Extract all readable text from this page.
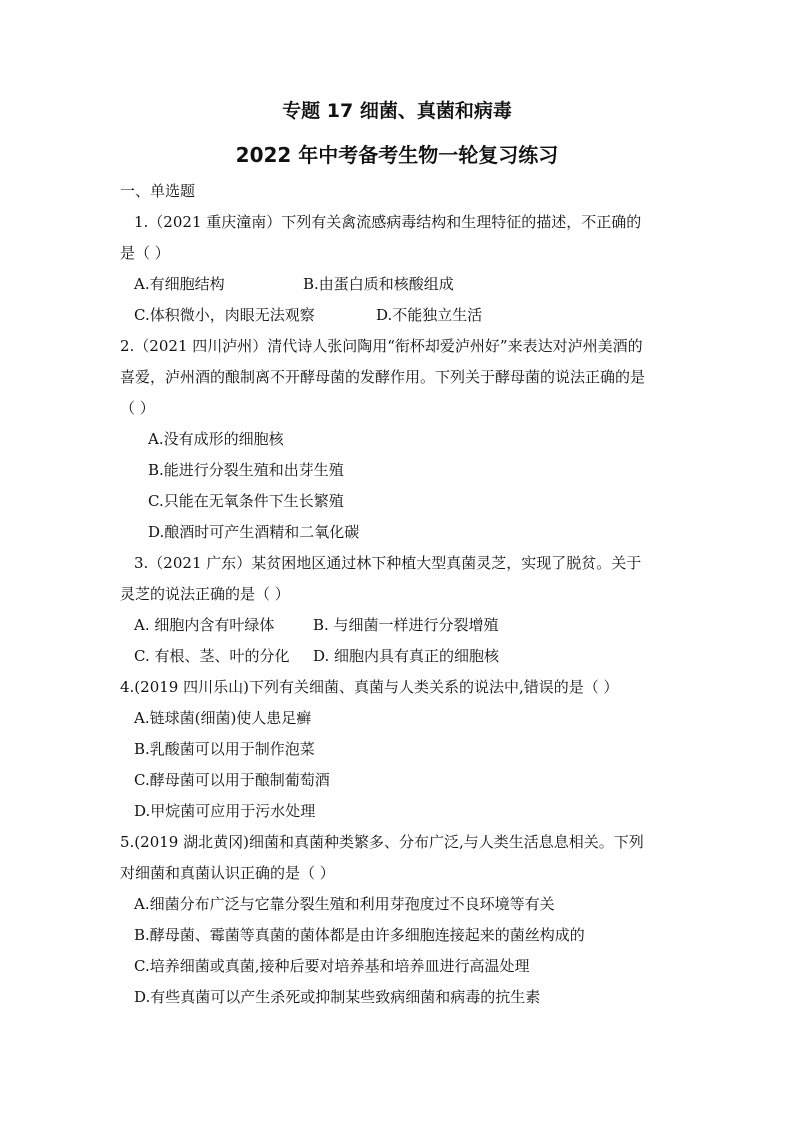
专题 17 细菌、真菌和病毒
2022 年中考备考生物一轮复习练习
一、单选题
1.（2021 重庆潼南）下列有关禽流感病毒结构和生理特征的描述，不正确的
是（ ）
A.有细胞结构	B.由蛋白质和核酸组成
C.体积微小，肉眼无法观察	D.不能独立生活
2.（2021 四川泸州）清代诗人张问陶用“衔杯却爱泸州好”来表达对泸州美酒的
喜爱，泸州酒的酿制离不开酵母菌的发酵作用。下列关于酵母菌的说法正确的是
（ ）
A.没有成形的细胞核
B.能进行分裂生殖和出芽生殖
C.只能在无氧条件下生长繁殖
D.酿酒时可产生酒精和二氧化碳
3.（2021 广东）某贫困地区通过林下种植大型真菌灵芝，实现了脱贫。关于
灵芝的说法正确的是（ ）
A. 细胞内含有叶绿体	B. 与细菌一样进行分裂增殖
C. 有根、茎、叶的分化 D. 细胞内具有真正的细胞核
4.(2019 四川乐山)下列有关细菌、真菌与人类关系的说法中,错误的是（ ）
A.链球菌(细菌)使人患足癣
B.乳酸菌可以用于制作泡菜
C.酵母菌可以用于酿制葡萄酒
D.甲烷菌可应用于污水处理
5.(2019 湖北黄冈)细菌和真菌种类繁多、分布广泛,与人类生活息息相关。下列
对细菌和真菌认识正确的是（ ）
A.细菌分布广泛与它靠分裂生殖和利用芽孢度过不良环境等有关
B.酵母菌、霉菌等真菌的菌体都是由许多细胞连接起来的菌丝构成的
C.培养细菌或真菌,接种后要对培养基和培养皿进行高温处理
D.有些真菌可以产生杀死或抑制某些致病细菌和病毒的抗生素
